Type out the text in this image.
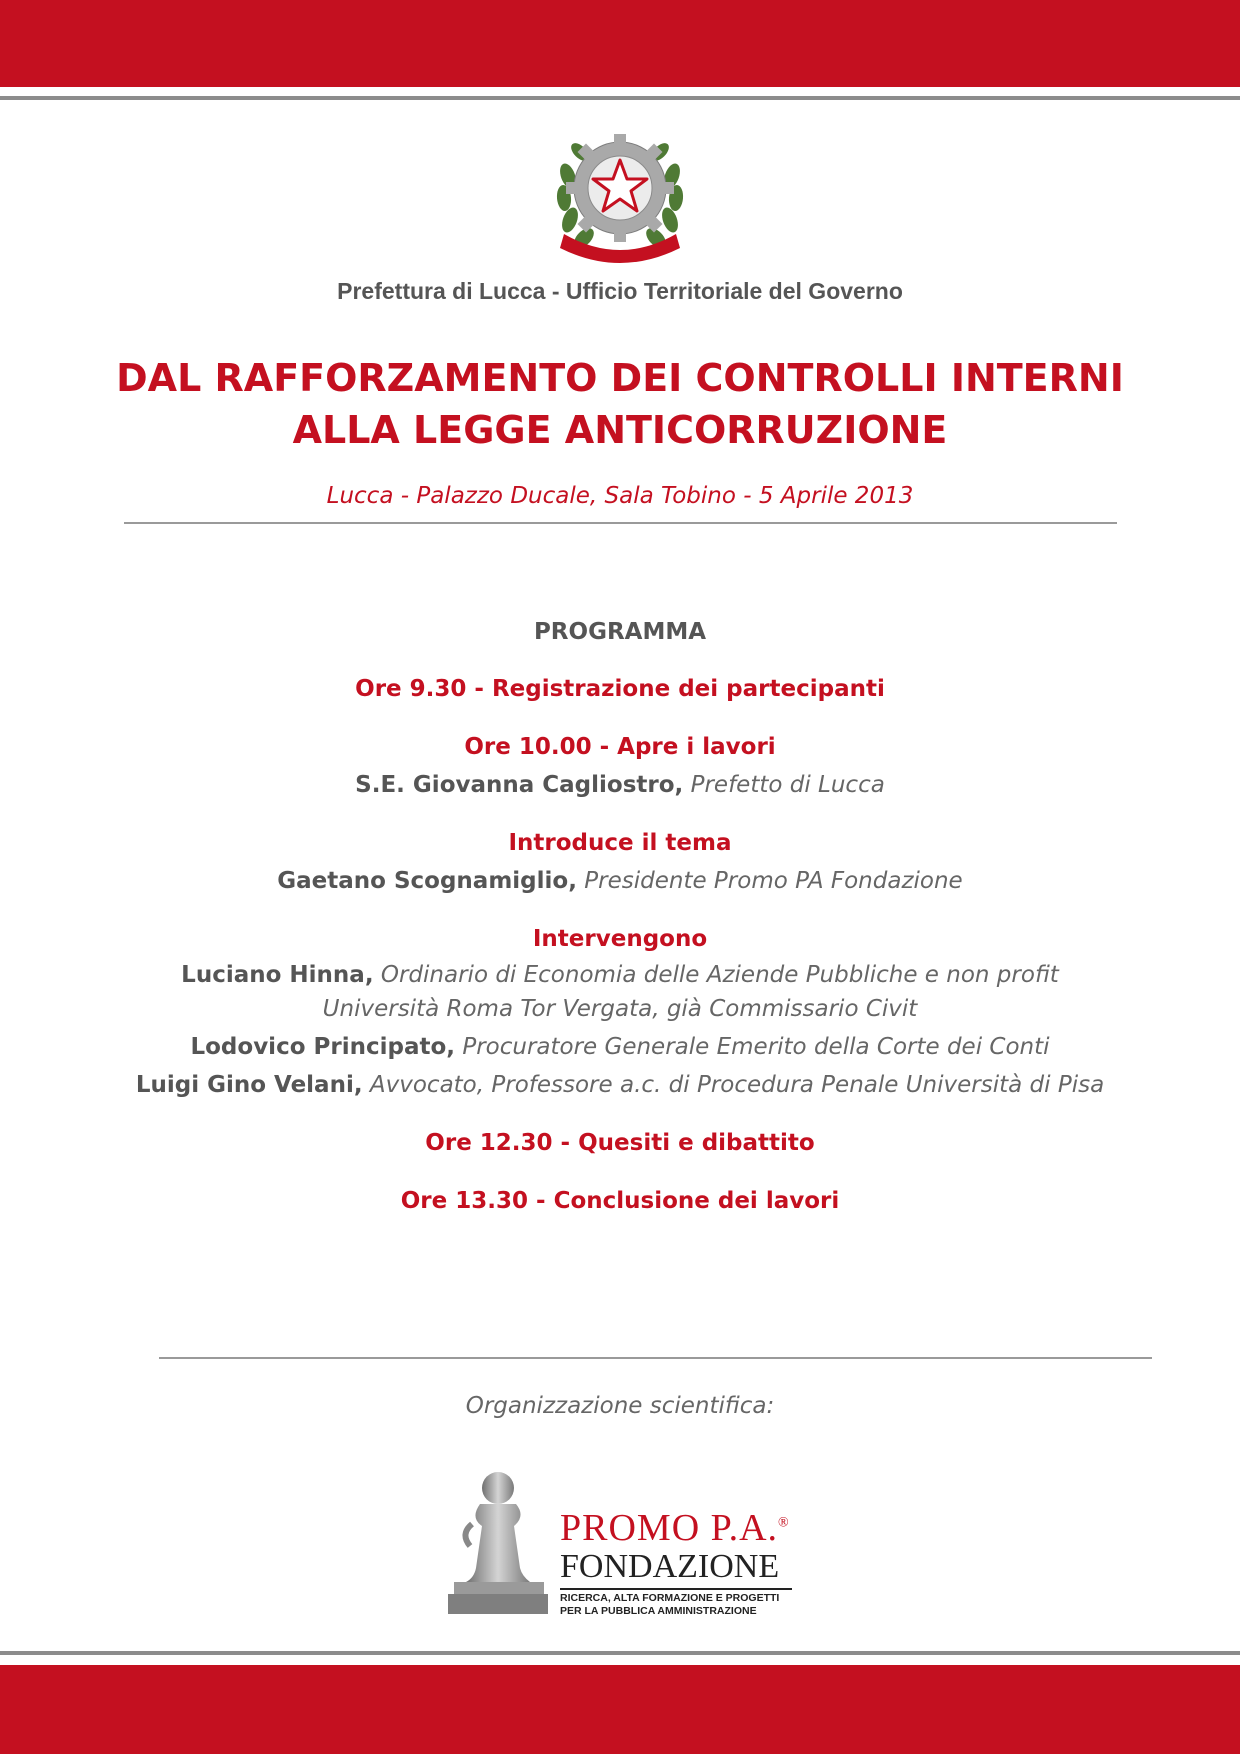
Prefettura di Lucca - Ufficio Territoriale del Governo
DAL RAFFORZAMENTO DEI CONTROLLI INTERNI
ALLA LEGGE ANTICORRUZIONE
Lucca - Palazzo Ducale, Sala Tobino - 5 Aprile 2013
PROGRAMMA
Ore 9.30 - Registrazione dei partecipanti
Ore 10.00 - Apre i lavori
S.E. Giovanna Cagliostro, Prefetto di Lucca
Introduce il tema
Gaetano Scognamiglio, Presidente Promo PA Fondazione
Intervengono
Luciano Hinna, Ordinario di Economia delle Aziende Pubbliche e non profit
Università Roma Tor Vergata, già Commissario Civit
Lodovico Principato, Procuratore Generale Emerito della Corte dei Conti
Luigi Gino Velani, Avvocato, Professore a.c. di Procedura Penale Università di Pisa
Ore 12.30 - Quesiti e dibattito
Ore 13.30 - Conclusione dei lavori
Organizzazione scientifica:
PROMO P.A.®
FONDAZIONE
RICERCA, ALTA FORMAZIONE E PROGETTI
PER LA PUBBLICA AMMINISTRAZIONE
